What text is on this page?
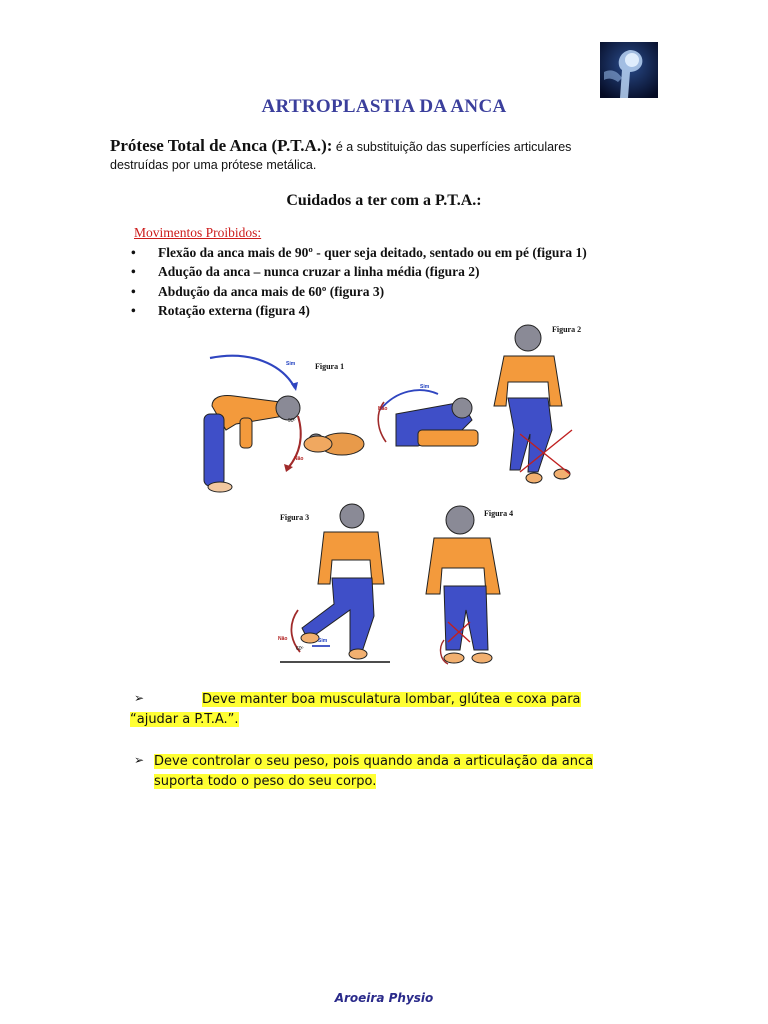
ARTROPLASTIA DA ANCA
Prótese Total de Anca (P.T.A.): é a substituição das superfícies articulares
destruídas por uma prótese metálica.
Cuidados a ter com a P.T.A.:
Movimentos Proibidos:
• Flexão da anca mais de 90º - quer seja deitado, sentado ou em pé (figura 1)
• Adução da anca – nunca cruzar a linha média (figura 2)
• Abdução da anca mais de 60º (figura 3)
• Rotação externa (figura 4)
Figura 1
Sim
Não
90º
Sim
Não
Figura 2
Figura 3
Não
60º
Sim
Figura 4
➢	Deve manter boa musculatura lombar, glútea e coxa para
“ajudar a P.T.A.”.
➢ Deve controlar o seu peso, pois quando anda a articulação da anca
suporta todo o peso do seu corpo.
Aroeira Physio
